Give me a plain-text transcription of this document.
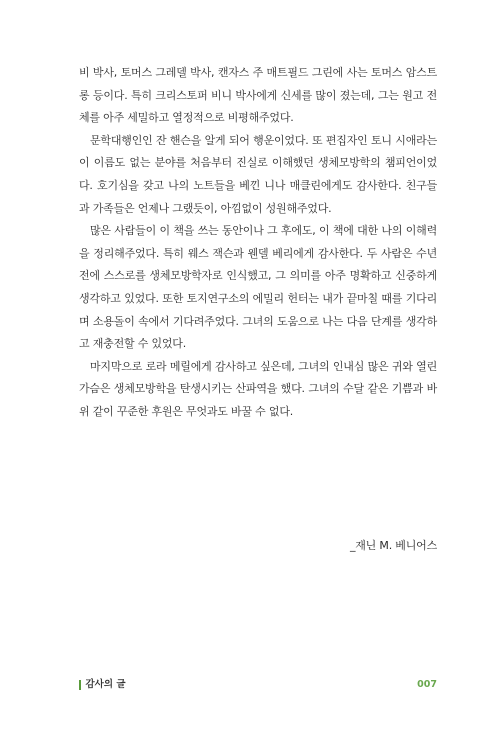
비 박사, 토머스 그레델 박사, 캔자스 주 매트필드 그린에 사는 토머스 암스트롱 등이다. 특히 크리스토퍼 비니 박사에게 신세를 많이 졌는데, 그는 원고 전체를 아주 세밀하고 열정적으로 비평해주었다.

문학대행인인 잔 핸슨을 알게 되어 행운이었다. 또 편집자인 토니 시애라는 이 이름도 없는 분야를 처음부터 진실로 이해했던 생체모방학의 챔피언이었다. 호기심을 갖고 나의 노트들을 베낀 니나 매클린에게도 감사한다. 친구들과 가족들은 언제나 그랬듯이, 아낌없이 성원해주었다.

많은 사람들이 이 책을 쓰는 동안이나 그 후에도, 이 책에 대한 나의 이해력을 정리해주었다. 특히 웨스 잭슨과 웬델 베리에게 감사한다. 두 사람은 수년 전에 스스로를 생체모방학자로 인식했고, 그 의미를 아주 명확하고 신중하게 생각하고 있었다. 또한 토지연구소의 에밀리 헌터는 내가 끝마칠 때를 기다리며 소용돌이 속에서 기다려주었다. 그녀의 도움으로 나는 다음 단계를 생각하고 재충전할 수 있었다.

마지막으로 로라 메릴에게 감사하고 싶은데, 그녀의 인내심 많은 귀와 열린 가슴은 생체모방학을 탄생시키는 산파역을 했다. 그녀의 수달 같은 기쁨과 바위 같이 꾸준한 후원은 무엇과도 바꿀 수 없다.

_재닌 M. 베니어스
감사의 글	007
